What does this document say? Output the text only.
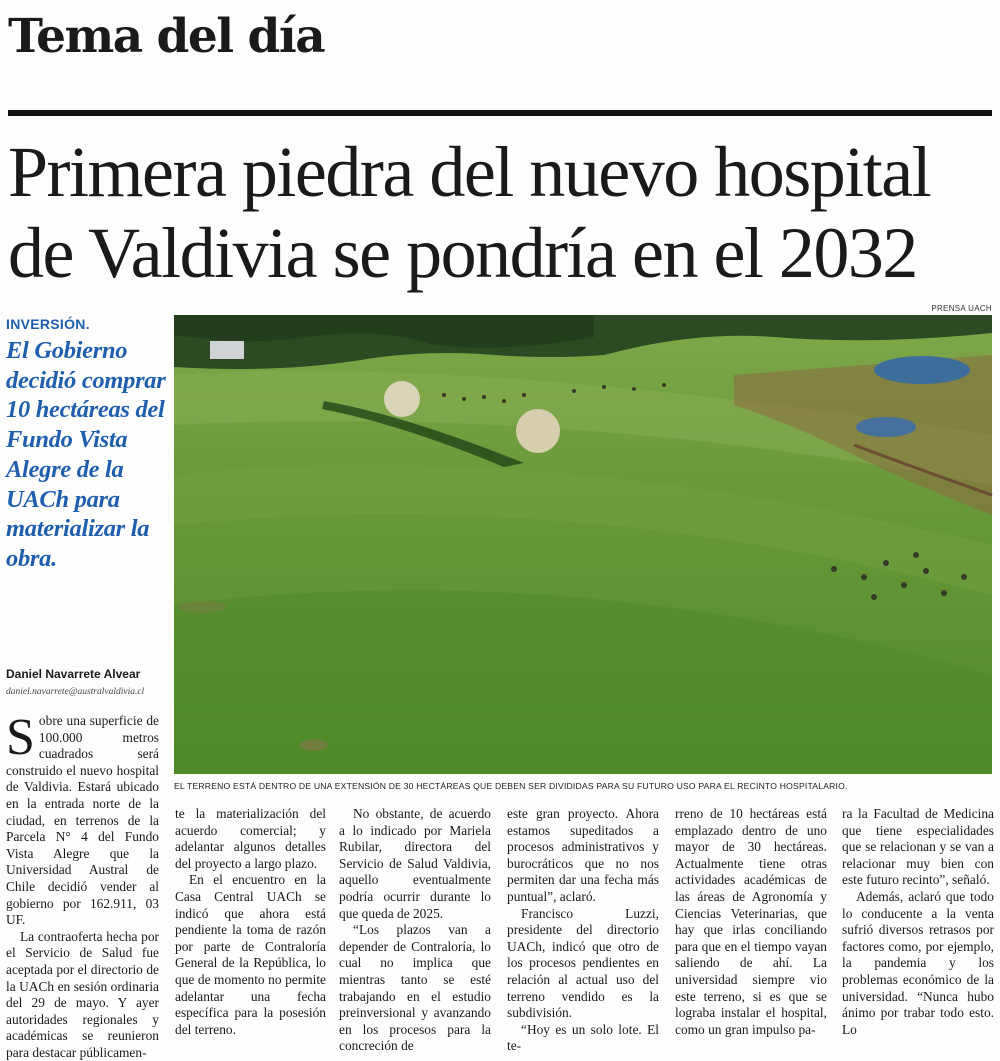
Tema del día
Primera piedra del nuevo hospital de Valdivia se pondría en el 2032
INVERSIÓN.

El Gobierno decidió comprar 10 hectáreas del Fundo Vista Alegre de la UACh para materializar la obra.

Daniel Navarrete Alvear
daniel.navarrete@australvaldivia.cl
PRENSA UACH
EL TERRENO ESTÁ DENTRO DE UNA EXTENSIÓN DE 30 HECTÁREAS QUE DEBEN SER DIVIDIDAS PARA SU FUTURO USO PARA EL RECINTO HOSPITALARIO.
S obre una superficie de 100.000 metros cuadrados será construido el nuevo hospital de Valdivia. Estará ubicado en la entrada norte de la ciudad, en terrenos de la Parcela N° 4 del Fundo Vista Alegre que la Universidad Austral de Chile decidió vender al gobierno por 162.911, 03 UF.

La contraoferta hecha por el Servicio de Salud fue aceptada por el directorio de la UACh en sesión ordinaria del 29 de mayo. Y ayer autoridades regionales y académicas se reunieron para destacar públicamen-

te la materialización del acuerdo comercial; y adelantar algunos detalles del proyecto a largo plazo.

En el encuentro en la Casa Central UACh se indicó que ahora está pendiente la toma de razón por parte de Contraloría General de la República, lo que de momento no permite adelantar una fecha específica para la posesión del terreno.

No obstante, de acuerdo a lo indicado por Mariela Rubilar, directora del Servicio de Salud Valdivia, aquello eventualmente podría ocurrir durante lo que queda de 2025.

“Los plazos van a depender de Contraloría, lo cual no implica que mientras tanto se esté trabajando en el estudio preinversional y avanzando en los procesos para la concreción de

este gran proyecto. Ahora estamos supeditados a procesos administrativos y burocráticos que no nos permiten dar una fecha más puntual”, aclaró.

Francisco Luzzi, presidente del directorio UACh, indicó que otro de los procesos pendientes en relación al actual uso del terreno vendido es la subdivisión.

“Hoy es un solo lote. El te-

rreno de 10 hectáreas está emplazado dentro de uno mayor de 30 hectáreas. Actualmente tiene otras actividades académicas de las áreas de Agronomía y Ciencias Veterinarias, que hay que irlas conciliando para que en el tiempo vayan saliendo de ahí. La universidad siempre vio este terreno, si es que se lograba instalar el hospital, como un gran impulso pa-

ra la Facultad de Medicina que tiene especialidades que se relacionan y se van a relacionar muy bien con este futuro recinto”, señaló.

Además, aclaró que todo lo conducente a la venta sufrió diversos retrasos por factores como, por ejemplo, la pandemia y los problemas económico de la universidad. “Nunca hubo ánimo por trabar todo esto. Lo
